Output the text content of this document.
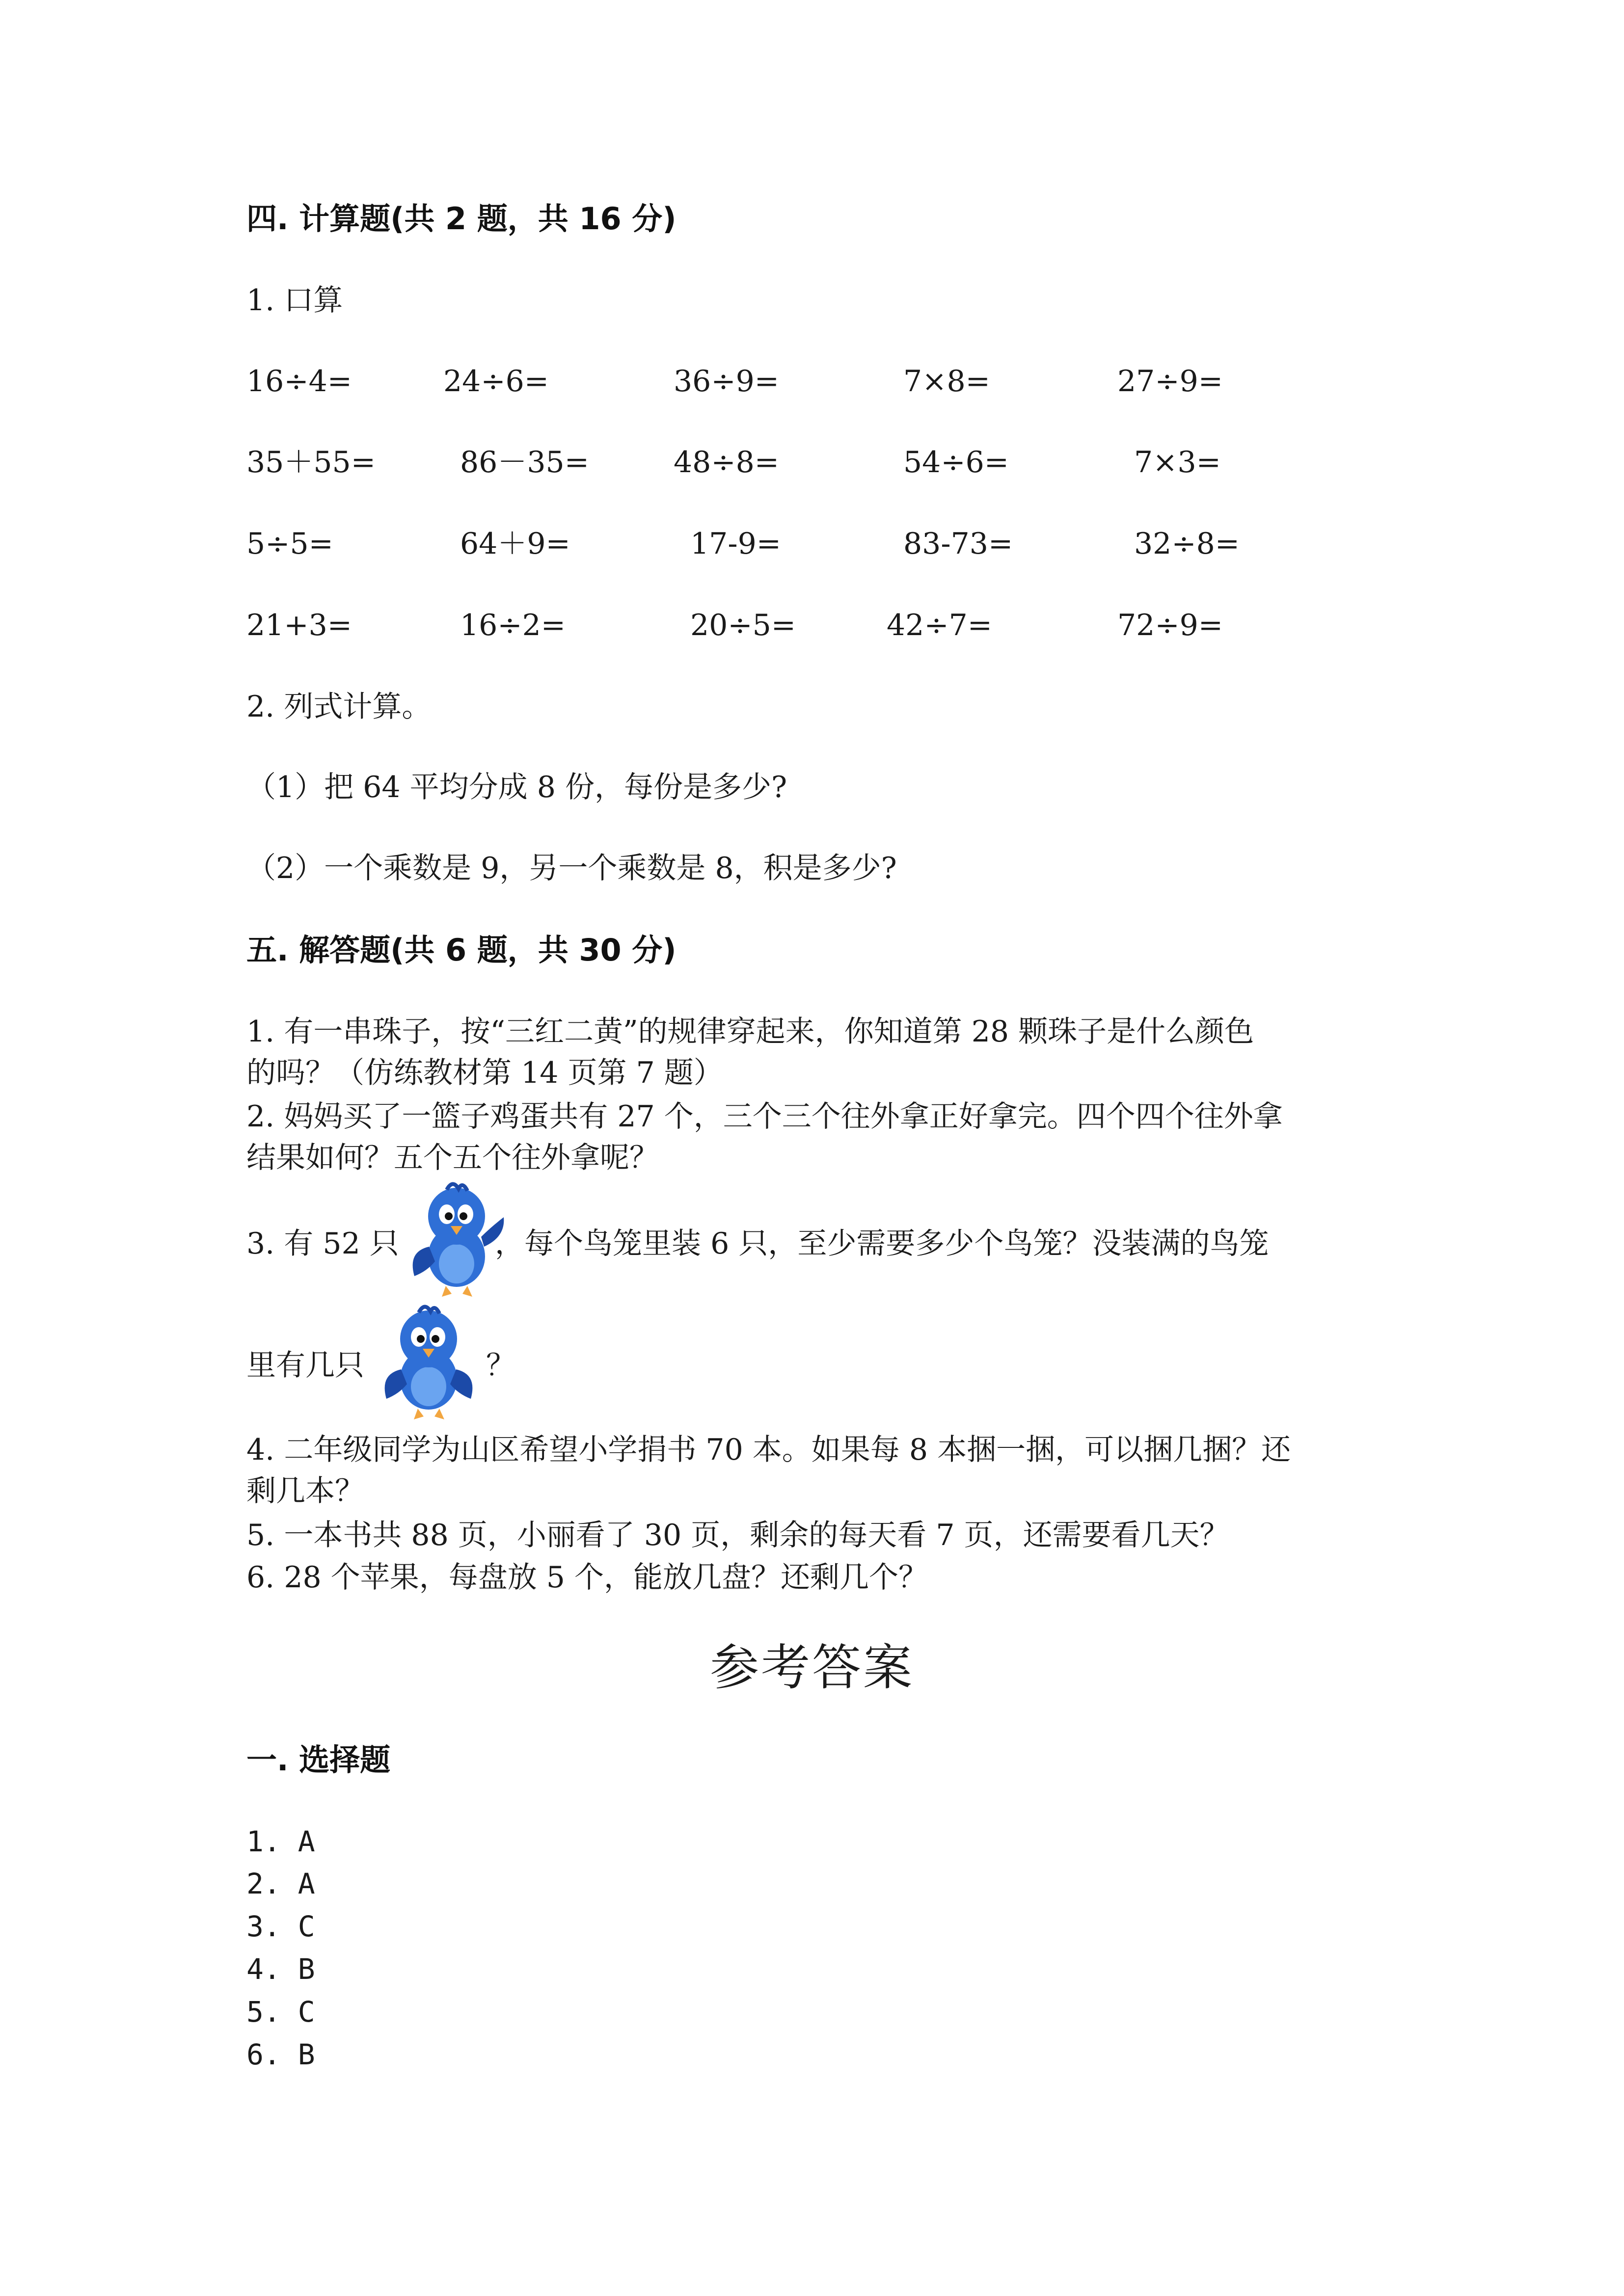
四. 计算题(共 2 题，共 16 分)
1. 口算
16÷4=	24÷6=	36÷9=	7×8=	27÷9=
35＋55=	86－35=	48÷8=	54÷6=	7×3=
5÷5=	64＋9=	17-9=	83-73=	32÷8=
21+3=	16÷2=	20÷5=	42÷7=	72÷9=
2. 列式计算。
（1）把 64 平均分成 8 份，每份是多少?
（2）一个乘数是 9，另一个乘数是 8，积是多少?
五. 解答题(共 6 题，共 30 分)
1. 有一串珠子，按“三红二黄”的规律穿起来，你知道第 28 颗珠子是什么颜色
的吗？（仿练教材第 14 页第 7 题）
2. 妈妈买了一篮子鸡蛋共有 27 个，三个三个往外拿正好拿完。四个四个往外拿
结果如何？五个五个往外拿呢？
3. 有 52 只	，每个鸟笼里装 6 只，至少需要多少个鸟笼？没装满的鸟笼
里有几只	？
4. 二年级同学为山区希望小学捐书 70 本。如果每 8 本捆一捆，可以捆几捆？还
剩几本？
5. 一本书共 88 页，小丽看了 30 页，剩余的每天看 7 页，还需要看几天？
6. 28 个苹果，每盘放 5 个，能放几盘？还剩几个？
参考答案
一. 选择题
1. A
2. A
3. C
4. B
5. C
6. B
